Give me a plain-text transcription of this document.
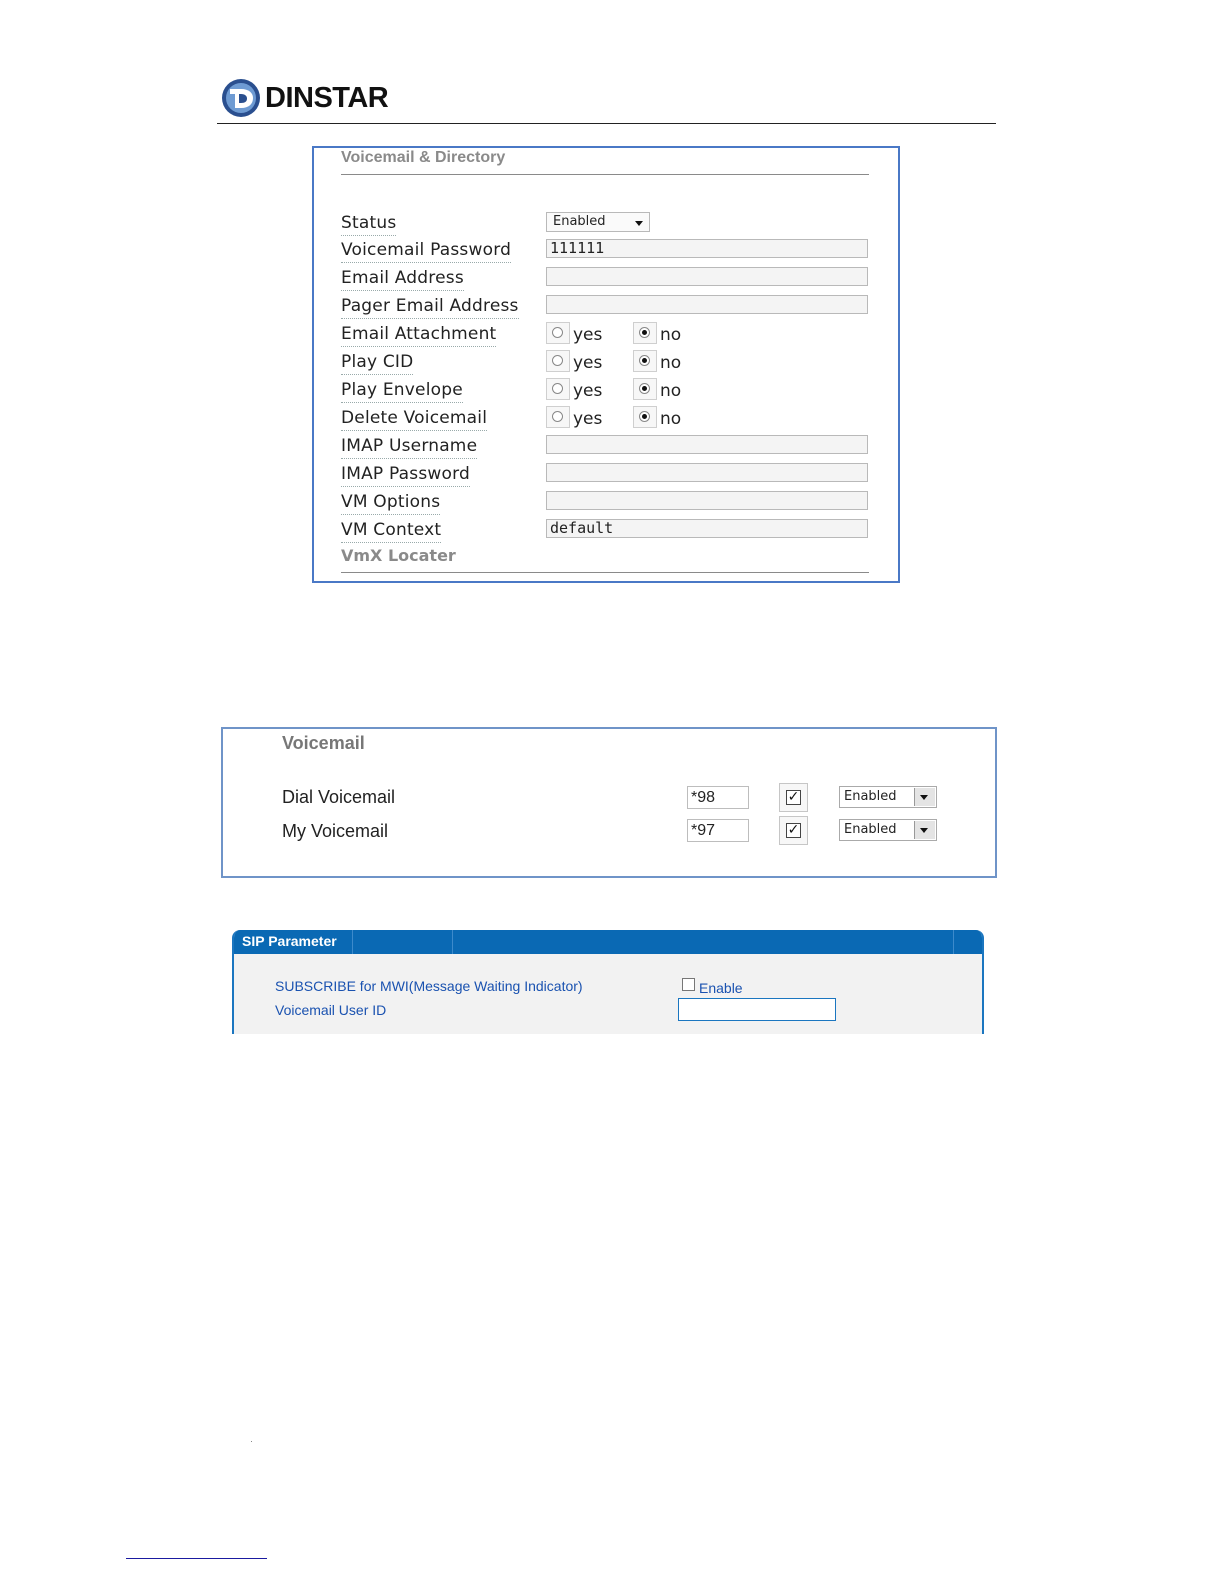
DINSTAR
Voicemail & Directory
Status	Enabled
Voicemail Password	111111
Email Address
Pager Email Address
Email Attachment	yes	no
Play CID	yes	no
Play Envelope	yes	no
Delete Voicemail	yes	no
IMAP Username
IMAP Password
VM Options
VM Context	default
VmX Locater
Voicemail
Dial Voicemail	*98	✓	Enabled
My Voicemail	*97	✓	Enabled
SIP Parameter
SUBSCRIBE for MWI(Message Waiting Indicator)	Enable
Voicemail User ID
